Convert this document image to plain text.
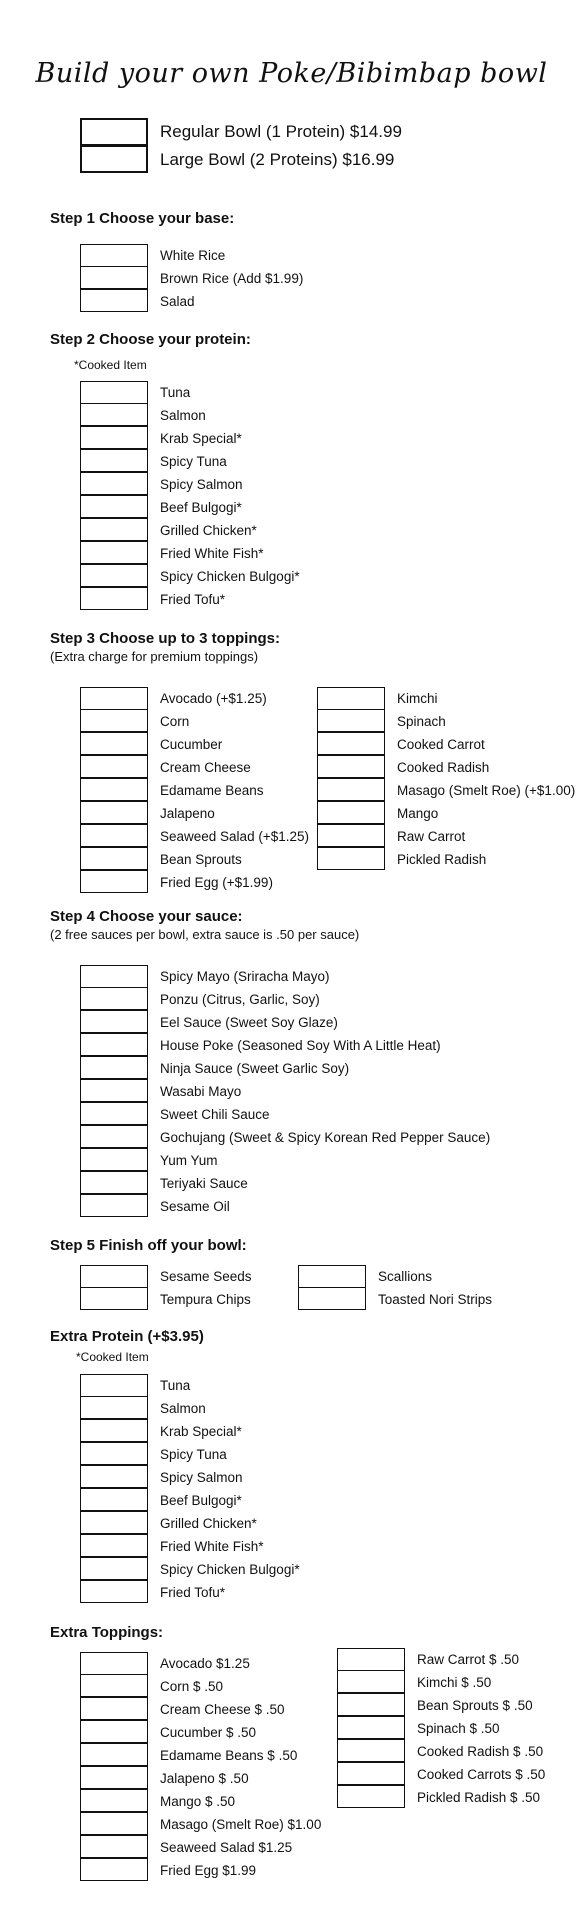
Build your own Poke/Bibimbap bowl
Regular Bowl (1 Protein) $14.99
Large Bowl (2 Proteins) $16.99
Step 1 Choose your base:
White Rice
Brown Rice (Add $1.99)
Salad
Step 2 Choose your protein:
*Cooked Item
Tuna
Salmon
Krab Special*
Spicy Tuna
Spicy Salmon
Beef Bulgogi*
Grilled Chicken*
Fried White Fish*
Spicy Chicken Bulgogi*
Fried Tofu*
Step 3 Choose up to 3 toppings:
(Extra charge for premium toppings)
Avocado (+$1.25)
Corn
Cucumber
Cream Cheese
Edamame Beans
Jalapeno
Seaweed Salad (+$1.25)
Bean Sprouts
Fried Egg (+$1.99)
Kimchi
Spinach
Cooked Carrot
Cooked Radish
Masago (Smelt Roe) (+$1.00)
Mango
Raw Carrot
Pickled Radish
Step 4 Choose your sauce:
(2 free sauces per bowl, extra sauce is .50 per sauce)
Spicy Mayo (Sriracha Mayo)
Ponzu (Citrus, Garlic, Soy)
Eel Sauce (Sweet Soy Glaze)
House Poke (Seasoned Soy With A Little Heat)
Ninja Sauce (Sweet Garlic Soy)
Wasabi Mayo
Sweet Chili Sauce
Gochujang (Sweet & Spicy Korean Red Pepper Sauce)
Yum Yum
Teriyaki Sauce
Sesame Oil
Step 5 Finish off your bowl:
Sesame Seeds
Tempura Chips
Scallions
Toasted Nori Strips
Extra Protein (+$3.95)
*Cooked Item
Tuna
Salmon
Krab Special*
Spicy Tuna
Spicy Salmon
Beef Bulgogi*
Grilled Chicken*
Fried White Fish*
Spicy Chicken Bulgogi*
Fried Tofu*
Extra Toppings:
Avocado $1.25
Corn $ .50
Cream Cheese $ .50
Cucumber $ .50
Edamame Beans $ .50
Jalapeno $ .50
Mango $ .50
Masago (Smelt Roe) $1.00
Seaweed Salad $1.25
Fried Egg $1.99
Raw Carrot $ .50
Kimchi $ .50
Bean Sprouts $ .50
Spinach $ .50
Cooked Radish $ .50
Cooked Carrots $ .50
Pickled Radish $ .50
